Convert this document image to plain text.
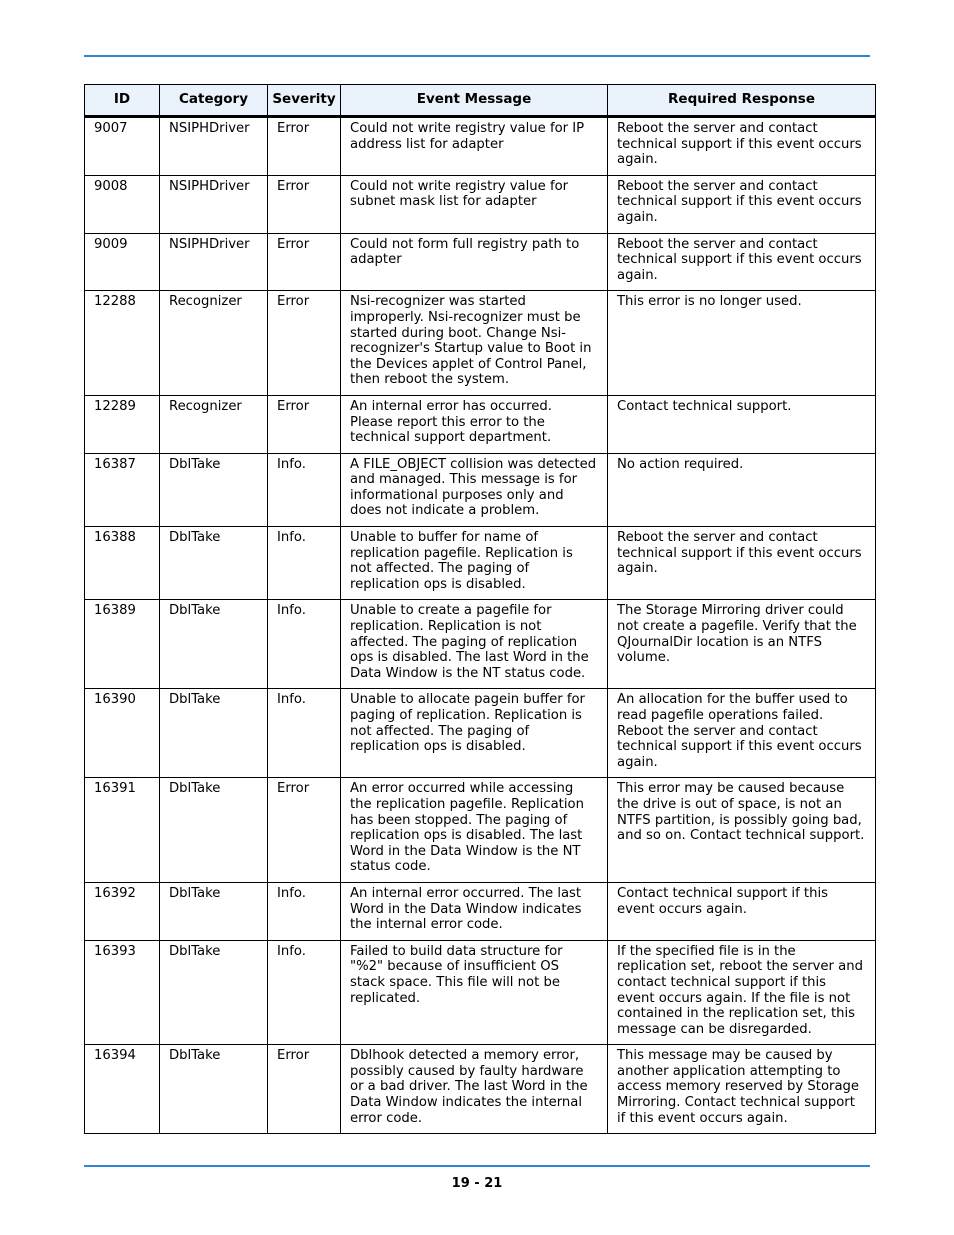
ID	Category	Severity	Event Message	Required Response
9007	NSIPHDriver	Error	Could not write registry value for IP address list for adapter	Reboot the server and contact technical support if this event occurs again.
9008	NSIPHDriver	Error	Could not write registry value for subnet mask list for adapter	Reboot the server and contact technical support if this event occurs again.
9009	NSIPHDriver	Error	Could not form full registry path to adapter	Reboot the server and contact technical support if this event occurs again.
12288	Recognizer	Error	Nsi-recognizer was started improperly. Nsi-recognizer must be started during boot. Change Nsi-recognizer's Startup value to Boot in the Devices applet of Control Panel, then reboot the system.	This error is no longer used.
12289	Recognizer	Error	An internal error has occurred. Please report this error to the technical support department.	Contact technical support.
16387	DblTake	Info.	A FILE_OBJECT collision was detected and managed. This message is for informational purposes only and does not indicate a problem.	No action required.
16388	DblTake	Info.	Unable to buffer for name of replication pagefile. Replication is not affected. The paging of replication ops is disabled.	Reboot the server and contact technical support if this event occurs again.
16389	DblTake	Info.	Unable to create a pagefile for replication. Replication is not affected. The paging of replication ops is disabled. The last Word in the Data Window is the NT status code.	The Storage Mirroring driver could not create a pagefile. Verify that the QJournalDir location is an NTFS volume.
16390	DblTake	Info.	Unable to allocate pagein buffer for paging of replication. Replication is not affected. The paging of replication ops is disabled.	An allocation for the buffer used to read pagefile operations failed. Reboot the server and contact technical support if this event occurs again.
16391	DblTake	Error	An error occurred while accessing the replication pagefile. Replication has been stopped. The paging of replication ops is disabled. The last Word in the Data Window is the NT status code.	This error may be caused because the drive is out of space, is not an NTFS partition, is possibly going bad, and so on. Contact technical support.
16392	DblTake	Info.	An internal error occurred. The last Word in the Data Window indicates the internal error code.	Contact technical support if this event occurs again.
16393	DblTake	Info.	Failed to build data structure for "%2" because of insufficient OS stack space. This file will not be replicated.	If the specified file is in the replication set, reboot the server and contact technical support if this event occurs again. If the file is not contained in the replication set, this message can be disregarded.
16394	DblTake	Error	Dblhook detected a memory error, possibly caused by faulty hardware or a bad driver. The last Word in the Data Window indicates the internal error code.	This message may be caused by another application attempting to access memory reserved by Storage Mirroring. Contact technical support if this event occurs again.
19 - 21
